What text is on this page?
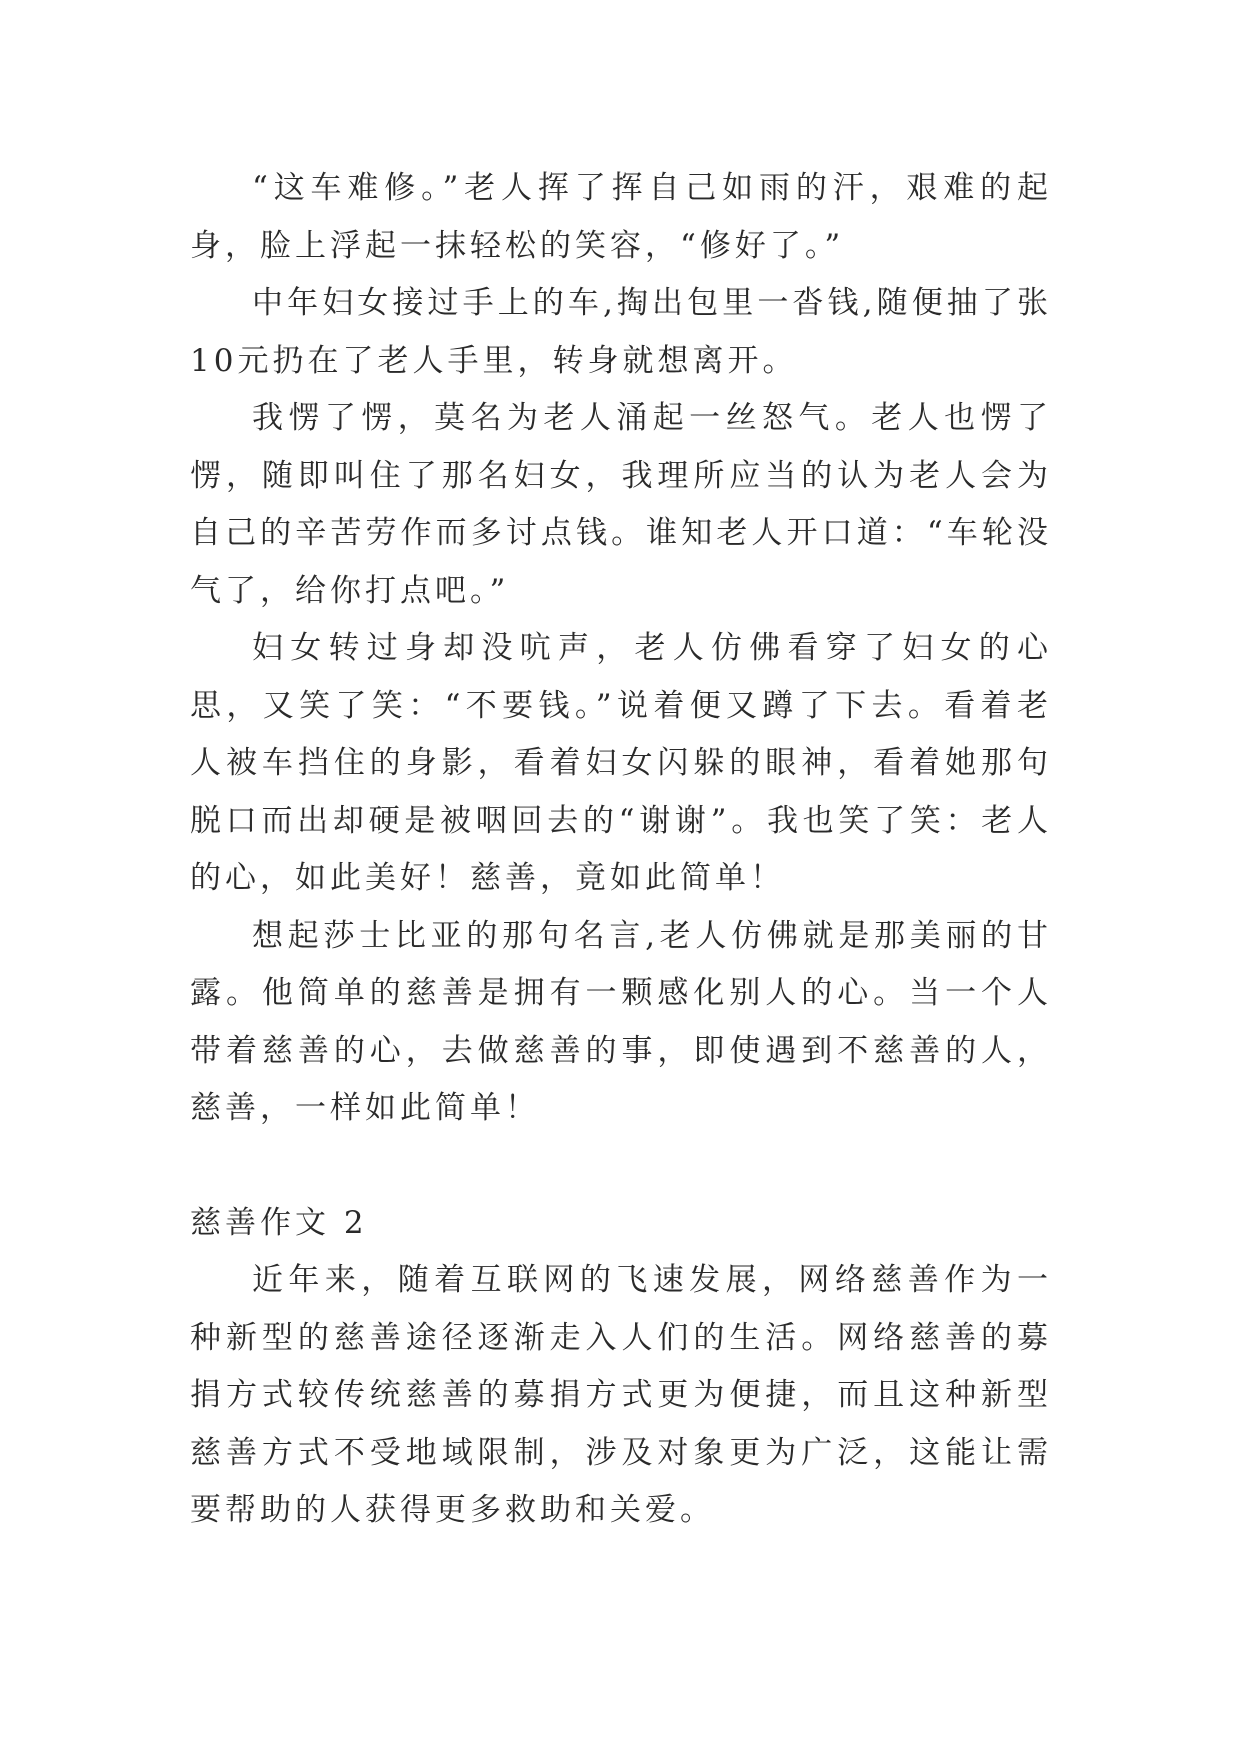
“这车难修。”老人挥了挥自己如雨的汗，艰难的起身，脸上浮起一抹轻松的笑容，“修好了。”

中年妇女接过手上的车,掏出包里一沓钱,随便抽了张10元扔在了老人手里，转身就想离开。

我愣了愣，莫名为老人涌起一丝怒气。老人也愣了愣，随即叫住了那名妇女，我理所应当的认为老人会为自己的辛苦劳作而多讨点钱。谁知老人开口道：“车轮没气了，给你打点吧。”

妇女转过身却没吭声，老人仿佛看穿了妇女的心思，又笑了笑：“不要钱。”说着便又蹲了下去。看着老人被车挡住的身影，看着妇女闪躲的眼神，看着她那句脱口而出却硬是被咽回去的“谢谢”。我也笑了笑：老人的心，如此美好！慈善，竟如此简单！

想起莎士比亚的那句名言,老人仿佛就是那美丽的甘露。他简单的慈善是拥有一颗感化别人的心。当一个人带着慈善的心，去做慈善的事，即使遇到不慈善的人，慈善，一样如此简单！

慈善作文 2

近年来，随着互联网的飞速发展，网络慈善作为一种新型的慈善途径逐渐走入人们的生活。网络慈善的募捐方式较传统慈善的募捐方式更为便捷，而且这种新型慈善方式不受地域限制，涉及对象更为广泛，这能让需要帮助的人获得更多救助和关爱。
